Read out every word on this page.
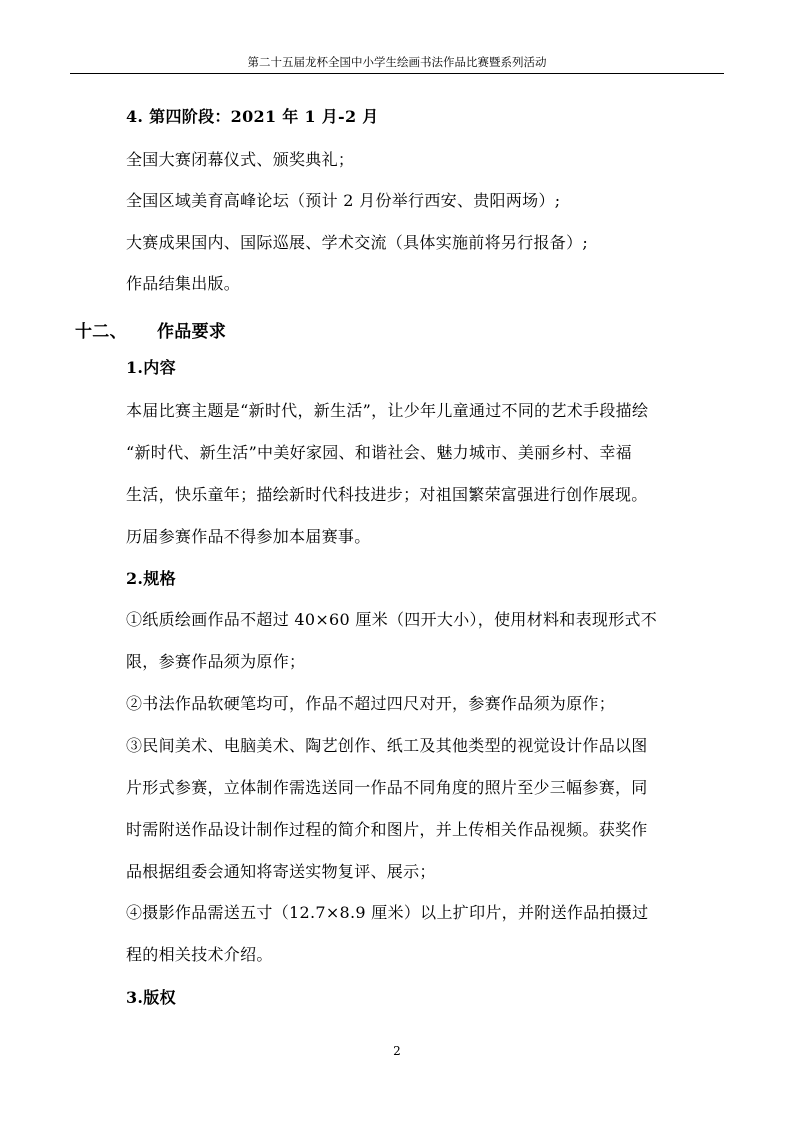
第二十五届龙杯全国中小学生绘画书法作品比赛暨系列活动
4. 第四阶段：2021 年 1 月-2 月
全国大赛闭幕仪式、颁奖典礼；
全国区域美育高峰论坛（预计 2 月份举行西安、贵阳两场）;
大赛成果国内、国际巡展、学术交流（具体实施前将另行报备）;
作品结集出版。
十二、 作品要求
1.内容
本届比赛主题是“新时代，新生活”，让少年儿童通过不同的艺术手段描绘
“新时代、新生活”中美好家园、和谐社会、魅力城市、美丽乡村、幸福
生活，快乐童年；描绘新时代科技进步；对祖国繁荣富强进行创作展现。
历届参赛作品不得参加本届赛事。
2.规格
①纸质绘画作品不超过 40×60 厘米（四开大小），使用材料和表现形式不
限，参赛作品须为原作；
②书法作品软硬笔均可，作品不超过四尺对开，参赛作品须为原作；
③民间美术、电脑美术、陶艺创作、纸工及其他类型的视觉设计作品以图
片形式参赛，立体制作需选送同一作品不同角度的照片至少三幅参赛，同
时需附送作品设计制作过程的简介和图片，并上传相关作品视频。获奖作
品根据组委会通知将寄送实物复评、展示；
④摄影作品需送五寸（12.7×8.9 厘米）以上扩印片，并附送作品拍摄过
程的相关技术介绍。
3.版权
2
